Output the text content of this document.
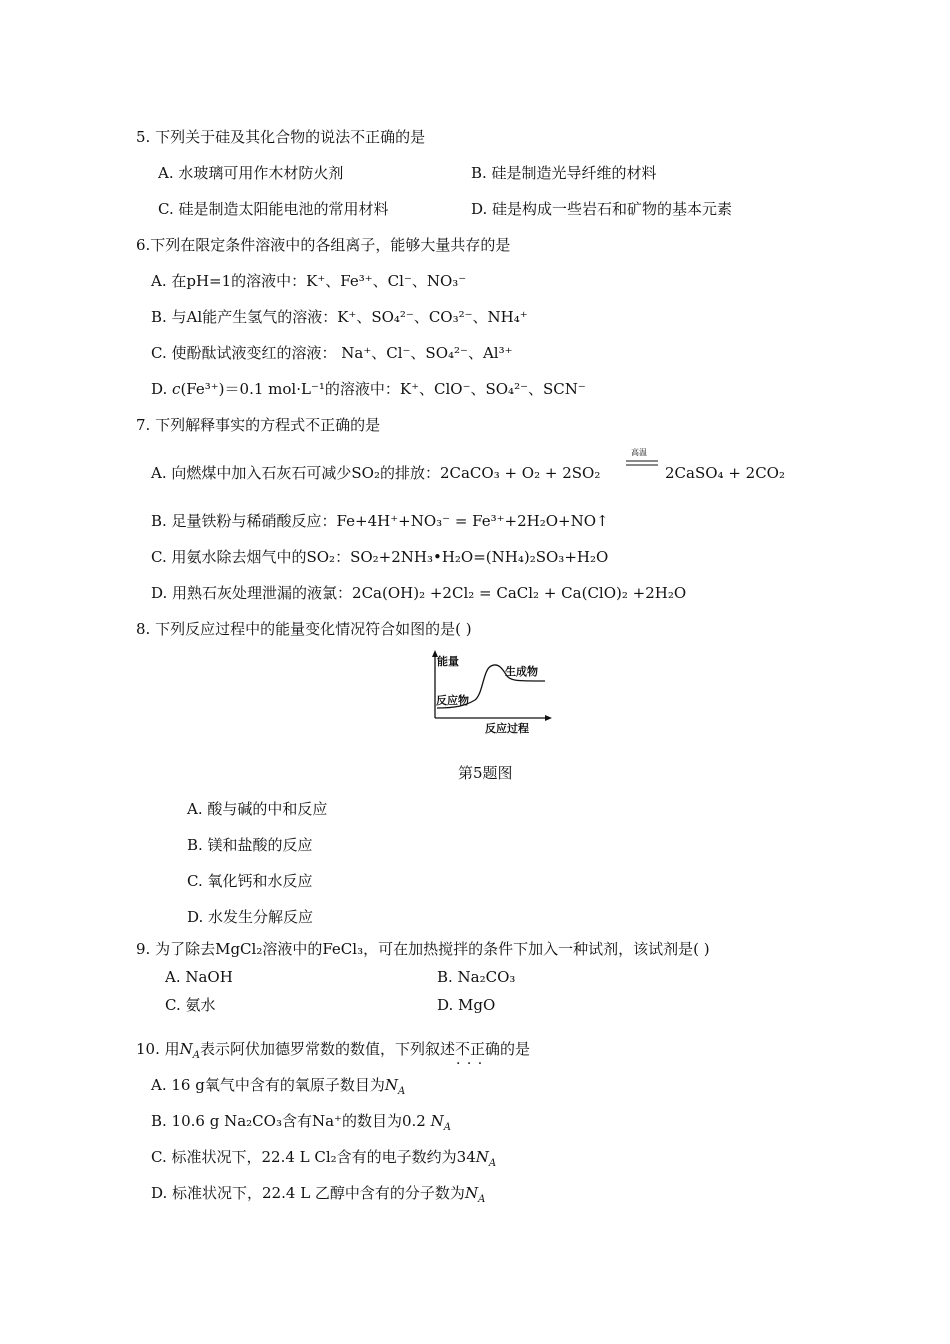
5. 下列关于硅及其化合物的说法不正确的是
A. 水玻璃可用作木材防火剂	B. 硅是制造光导纤维的材料
C. 硅是制造太阳能电池的常用材料	D. 硅是构成一些岩石和矿物的基本元素
6.下列在限定条件溶液中的各组离子，能够大量共存的是
A. 在pH=1的溶液中：K⁺、Fe³⁺、Cl⁻、NO₃⁻
B. 与Al能产生氢气的溶液：K⁺、SO₄²⁻、CO₃²⁻、NH₄⁺
C. 使酚酞试液变红的溶液： Na⁺、Cl⁻、SO₄²⁻、Al³⁺
D. c(Fe³⁺)＝0.1 mol·L⁻¹的溶液中：K⁺、ClO⁻、SO₄²⁻、SCN⁻
7. 下列解释事实的方程式不正确的是
A. 向燃煤中加入石灰石可减少SO₂的排放：2CaCO₃ + O₂ + 2SO₂
高温
2CaSO₄ + 2CO₂
B. 足量铁粉与稀硝酸反应：Fe+4H⁺+NO₃⁻ = Fe³⁺+2H₂O+NO↑
C. 用氨水除去烟气中的SO₂：SO₂+2NH₃•H₂O=(NH₄)₂SO₃+H₂O
D. 用熟石灰处理泄漏的液氯：2Ca(OH)₂ +2Cl₂ = CaCl₂ + Ca(ClO)₂ +2H₂O
8. 下列反应过程中的能量变化情况符合如图的是( )
能量
生成物
反应物
反应过程
第5题图
A. 酸与碱的中和反应
B. 镁和盐酸的反应
C. 氧化钙和水反应
D. 水发生分解反应
9. 为了除去MgCl₂溶液中的FeCl₃，可在加热搅拌的条件下加入一种试剂，该试剂是( )
A. NaOH	B. Na₂CO₃
C. 氨水	D. MgO
10. 用$N_A$表示阿伏加德罗常数的数值，下列叙述不正确 · · ·的是
A. 16 g氧气中含有的氧原子数目为$N_A$
B. 10.6 g Na₂CO₃含有Na⁺的数目为0.2 $N_A$
C. 标准状况下，22.4 L Cl₂含有的电子数约为$34N_A$
D. 标准状况下，22.4 L 乙醇中含有的分子数为$N_A$
